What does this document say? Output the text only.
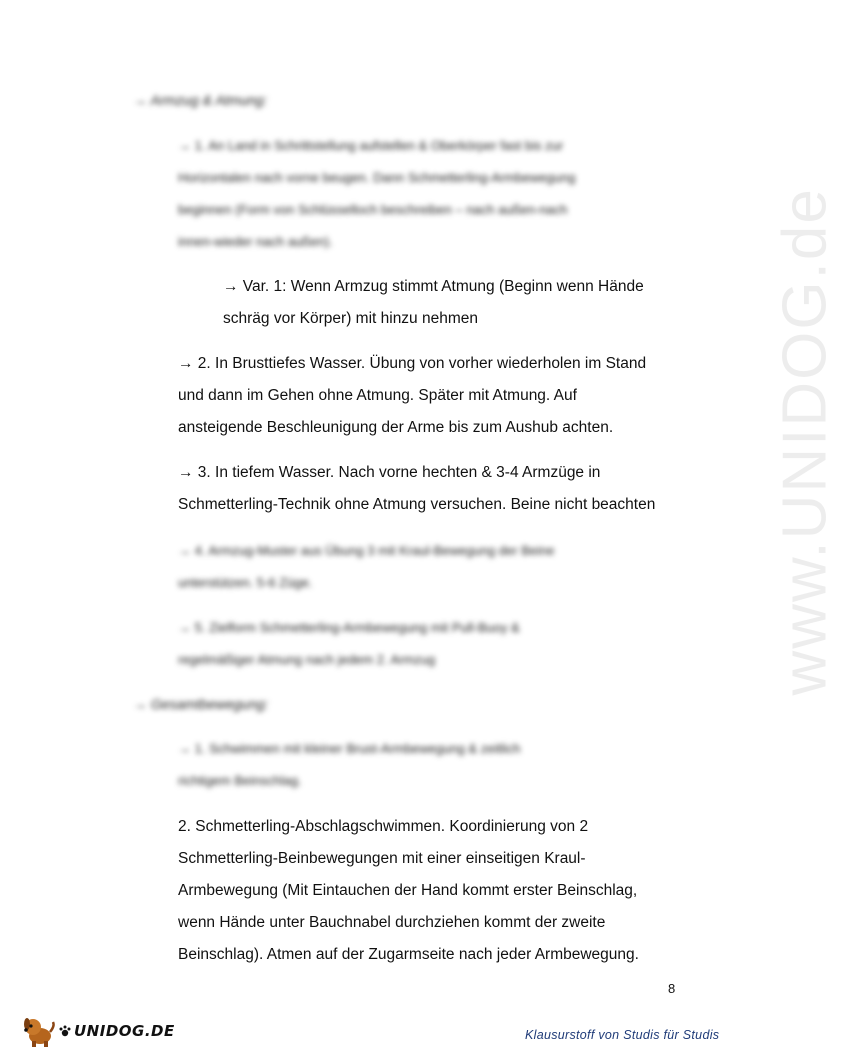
www.UNIDOG.de

→ Armzug & Atmung:

→ 1. An Land in Schrittstellung aufstellen & Oberkörper fast bis zur
Horizontalen nach vorne beugen. Dann Schmetterling-Armbewegung
beginnen (Form von Schlüsselloch beschreiben – nach außen-nach
innen-wieder nach außen).

→ Var. 1: Wenn Armzug stimmt Atmung (Beginn wenn Hände
schräg vor Körper) mit hinzu nehmen

→ 2. In Brusttiefes Wasser. Übung von vorher wiederholen im Stand
und dann im Gehen ohne Atmung. Später mit Atmung. Auf
ansteigende Beschleunigung der Arme bis zum Aushub achten.

→ 3. In tiefem Wasser. Nach vorne hechten & 3-4 Armzüge in
Schmetterling-Technik ohne Atmung versuchen. Beine nicht beachten

→ 4. Armzug-Muster aus Übung 3 mit Kraul-Bewegung der Beine
unterstützen. 5-6 Züge.

→ 5. Zielform Schmetterling-Armbewegung mit Pull-Buoy &
regelmäßiger Atmung nach jedem 2. Armzug

→ Gesamtbewegung:

→ 1. Schwimmen mit kleiner Brust-Armbewegung & zeitlich
richtigem Beinschlag.

2. Schmetterling-Abschlagschwimmen. Koordinierung von 2
Schmetterling-Beinbewegungen mit einer einseitigen Kraul-
Armbewegung (Mit Eintauchen der Hand kommt erster Beinschlag,
wenn Hände unter Bauchnabel durchziehen kommt der zweite
Beinschlag). Atmen auf der Zugarmseite nach jeder Armbewegung.

8
UNIDOG.DE	Klausurstoff von Studis für Studis
